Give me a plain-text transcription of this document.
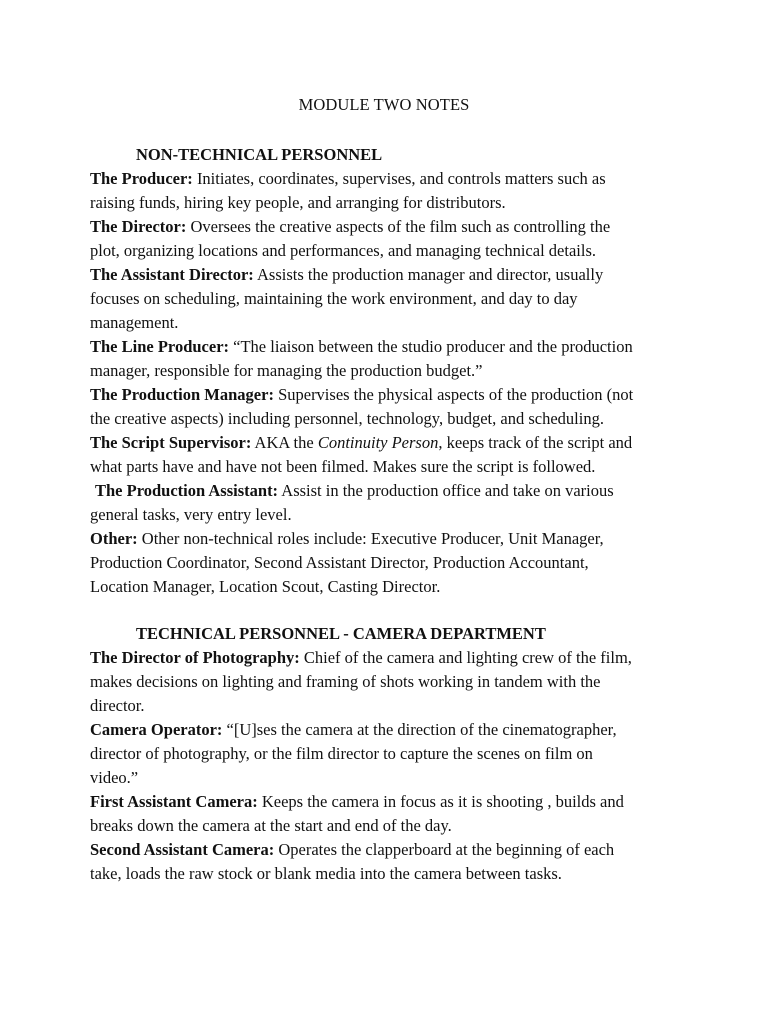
MODULE TWO NOTES
NON-TECHNICAL PERSONNEL
The Producer: Initiates, coordinates, supervises, and controls matters such as
raising funds, hiring key people, and arranging for distributors.
The Director: Oversees the creative aspects of the film such as controlling the
plot, organizing locations and performances, and managing technical details.
The Assistant Director: Assists the production manager and director, usually
focuses on scheduling, maintaining the work environment, and day to day
management.
The Line Producer: “The liaison between the studio producer and the production
manager, responsible for managing the production budget.”
The Production Manager: Supervises the physical aspects of the production (not
the creative aspects) including personnel, technology, budget, and scheduling.
The Script Supervisor: AKA the Continuity Person, keeps track of the script and
what parts have and have not been filmed. Makes sure the script is followed.
The Production Assistant: Assist in the production office and take on various
general tasks, very entry level.
Other: Other non-technical roles include: Executive Producer, Unit Manager,
Production Coordinator, Second Assistant Director, Production Accountant,
Location Manager, Location Scout, Casting Director.
TECHNICAL PERSONNEL - CAMERA DEPARTMENT
The Director of Photography: Chief of the camera and lighting crew of the film,
makes decisions on lighting and framing of shots working in tandem with the
director.
Camera Operator: “[U]ses the camera at the direction of the cinematographer,
director of photography, or the film director to capture the scenes on film on
video.”
First Assistant Camera: Keeps the camera in focus as it is shooting , builds and
breaks down the camera at the start and end of the day.
Second Assistant Camera: Operates the clapperboard at the beginning of each
take, loads the raw stock or blank media into the camera between tasks.
